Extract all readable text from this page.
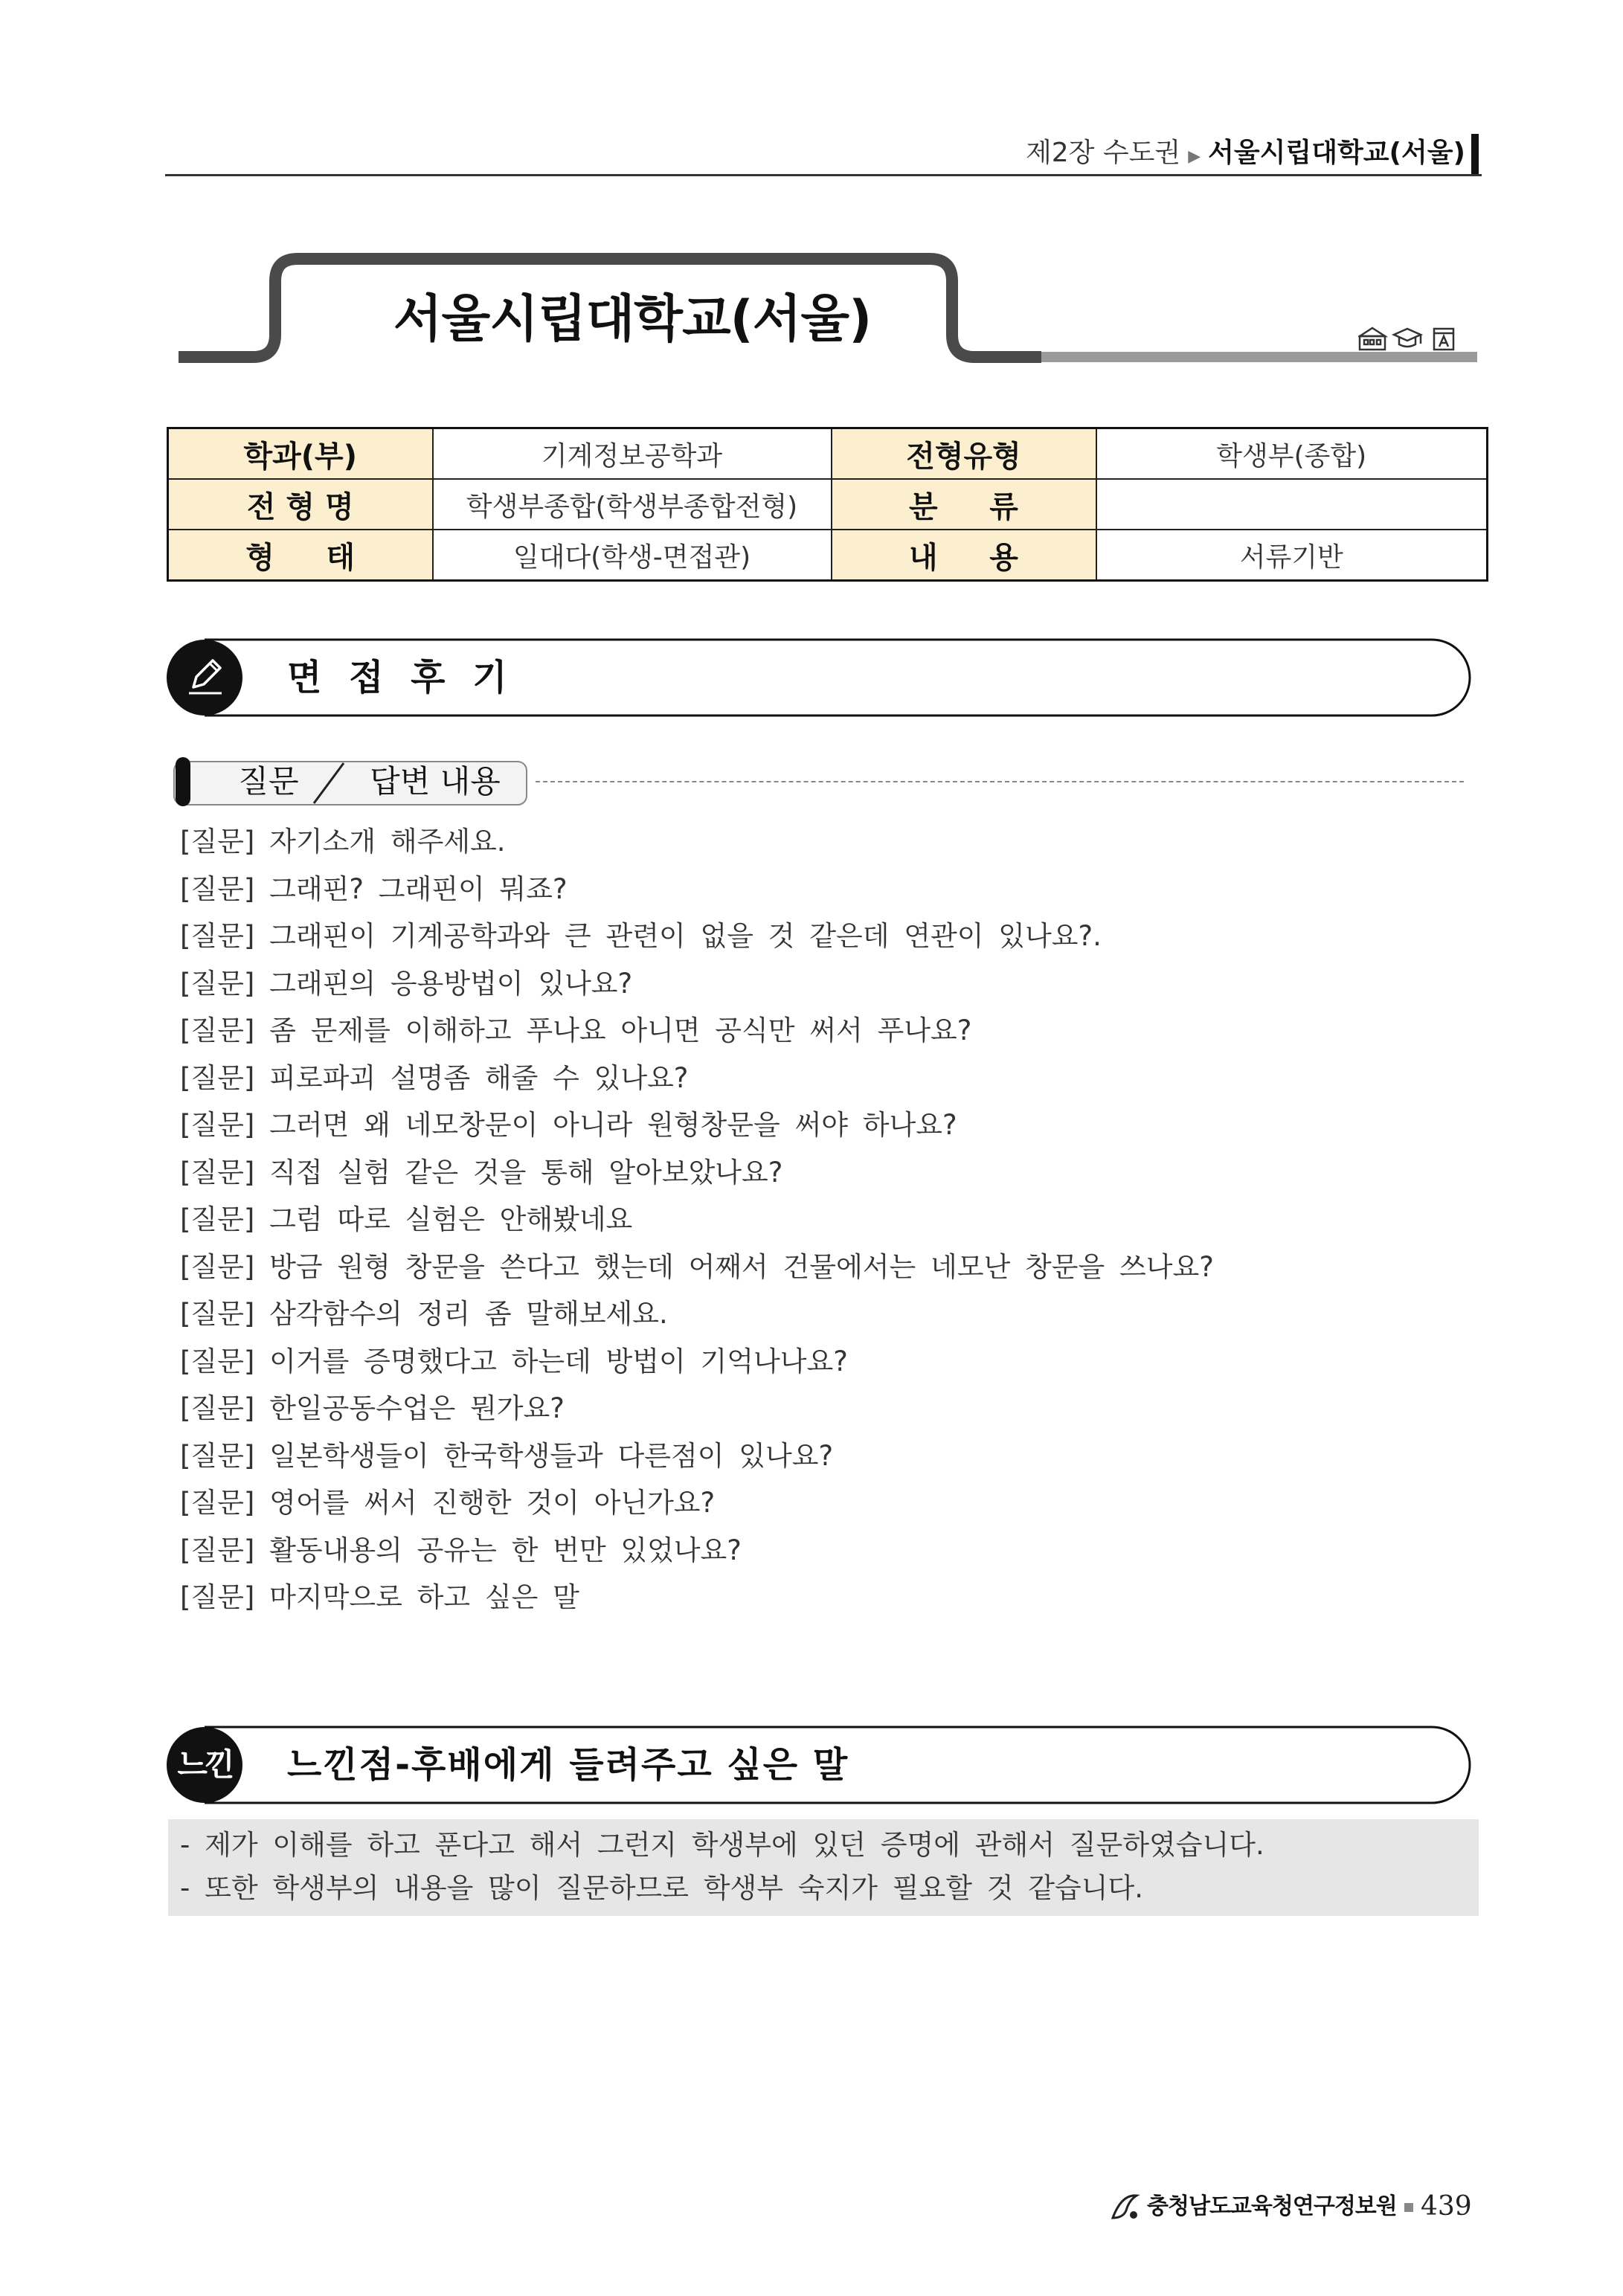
제2장 수도권 ▶ 서울시립대학교(서울)
서울시립대학교(서울)
학과(부)	기계정보공학과	전형유형	학생부(종합)
전 형 명	학생부종합(학생부종합전형)	분     류	
형     태	일대다(학생-면접관)	내     용	서류기반
면 접 후 기
질문	답변 내용
[질문] 자기소개 해주세요.
[질문] 그래핀? 그래핀이 뭐죠?
[질문] 그래핀이 기계공학과와 큰 관련이 없을 것 같은데 연관이 있나요?.
[질문] 그래핀의 응용방법이 있나요?
[질문] 좀 문제를 이해하고 푸나요 아니면 공식만 써서 푸나요?
[질문] 피로파괴 설명좀 해줄 수 있나요?
[질문] 그러면 왜 네모창문이 아니라 원형창문을 써야 하나요?
[질문] 직접 실험 같은 것을 통해 알아보았나요?
[질문] 그럼 따로 실험은 안해봤네요
[질문] 방금 원형 창문을 쓴다고 했는데 어째서 건물에서는 네모난 창문을 쓰나요?
[질문] 삼각함수의 정리 좀 말해보세요.
[질문] 이거를 증명했다고 하는데 방법이 기억나나요?
[질문] 한일공동수업은 뭔가요?
[질문] 일본학생들이 한국학생들과 다른점이 있나요?
[질문] 영어를 써서 진행한 것이 아닌가요?
[질문] 활동내용의 공유는 한 번만 있었나요?
[질문] 마지막으로 하고 싶은 말
느낀 느낀점-후배에게 들려주고 싶은 말
- 제가 이해를 하고 푼다고 해서 그런지 학생부에 있던 증명에 관해서 질문하였습니다.
- 또한 학생부의 내용을 많이 질문하므로 학생부 숙지가 필요할 것 같습니다.
충청남도교육청연구정보원 439
